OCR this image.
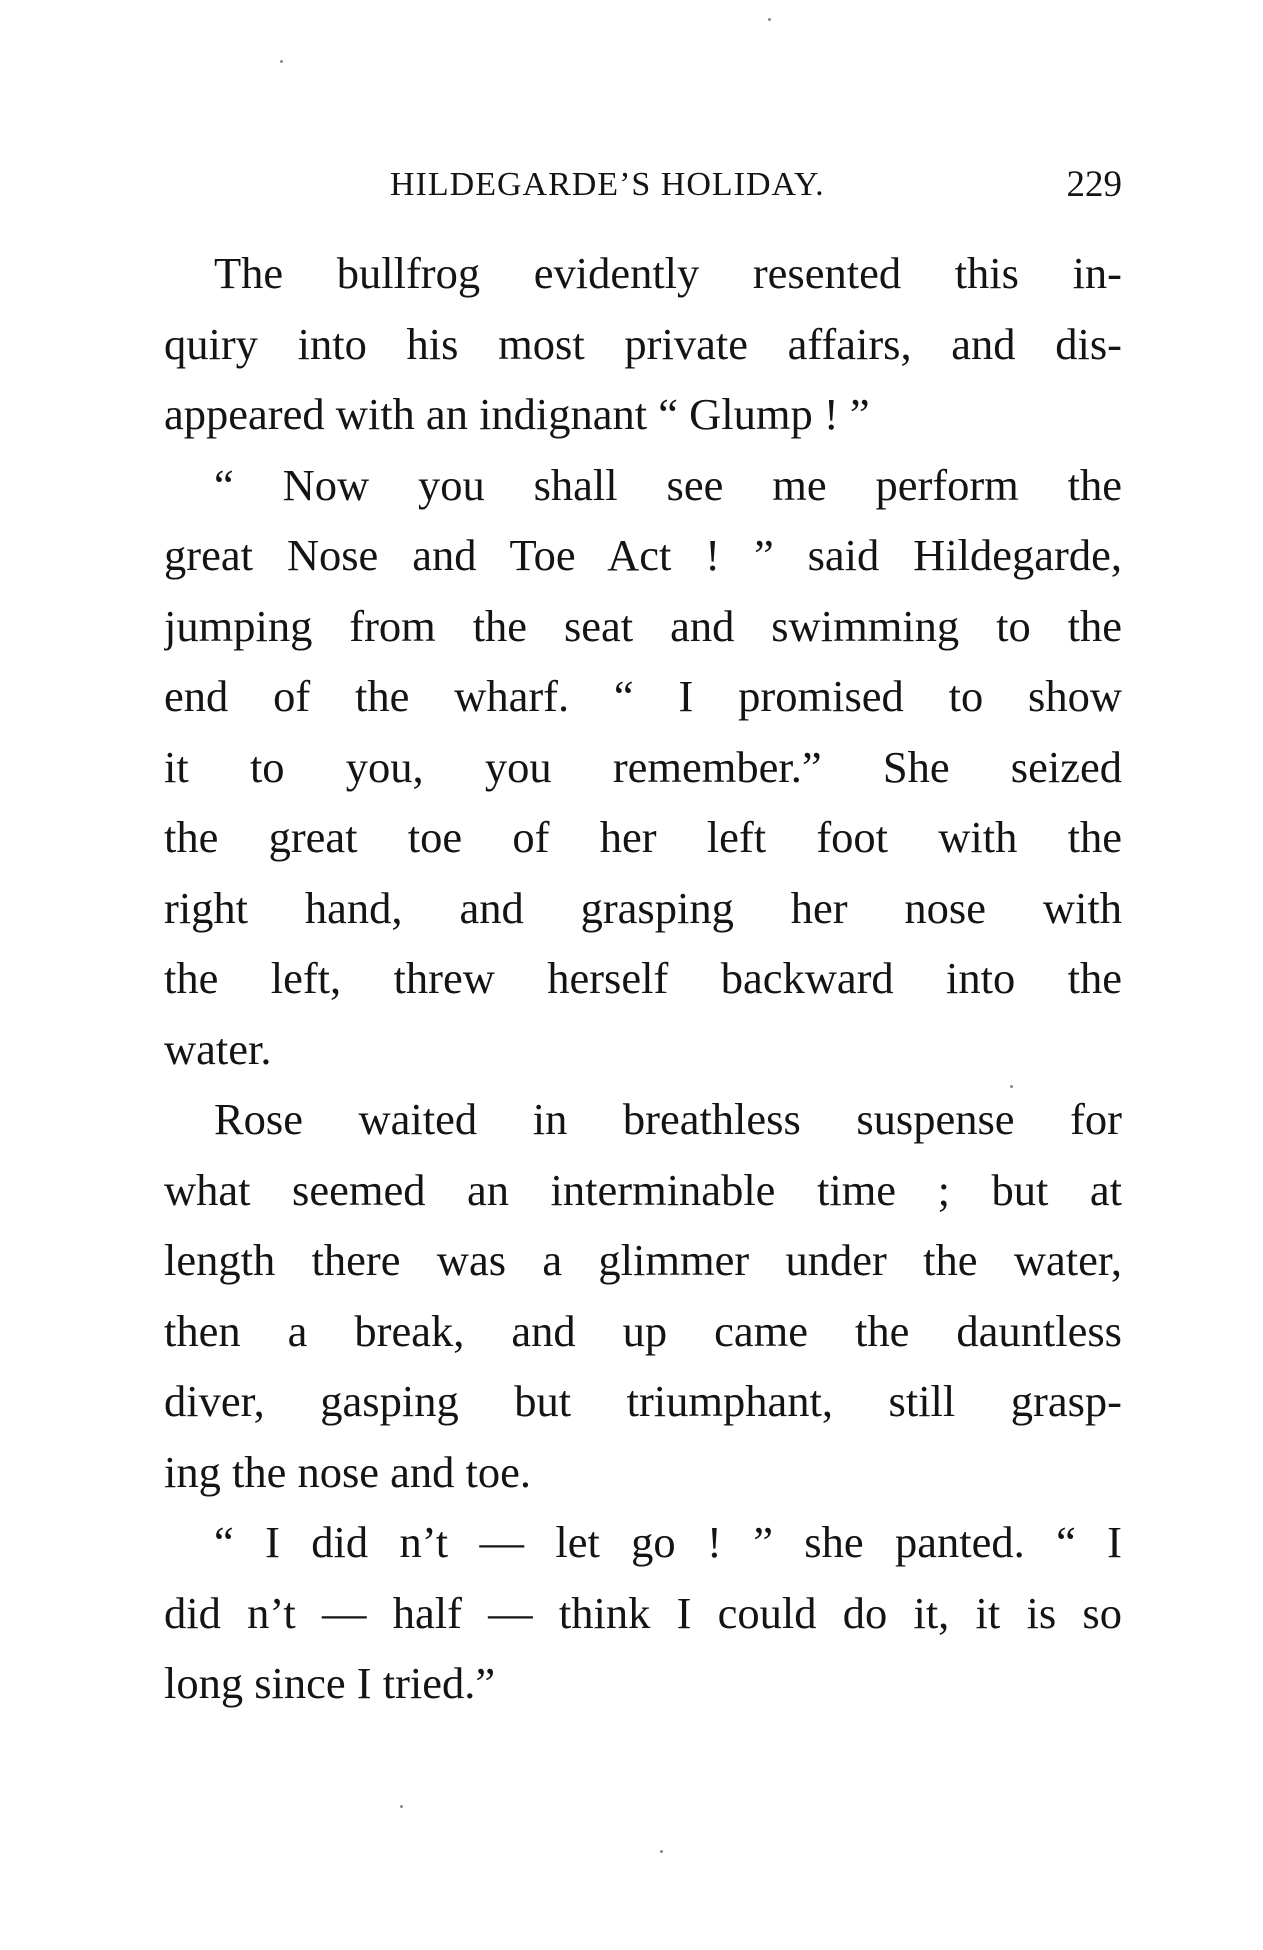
HILDEGARDE’S HOLIDAY.	229
The bullfrog evidently resented this in-
quiry into his most private affairs, and dis-
appeared with an indignant “ Glump ! ”
“ Now you shall see me perform the
great Nose and Toe Act ! ” said Hildegarde,
jumping from the seat and swimming to the
end of the wharf. “ I promised to show
it to you, you remember.” She seized
the great toe of her left foot with the
right hand, and grasping her nose with
the left, threw herself backward into the
water.
Rose waited in breathless suspense for
what seemed an interminable time ; but at
length there was a glimmer under the water,
then a break, and up came the dauntless
diver, gasping but triumphant, still grasp-
ing the nose and toe.
“ I did n’t — let go ! ” she panted. “ I
did n’t — half — think I could do it, it is so
long since I tried.”
